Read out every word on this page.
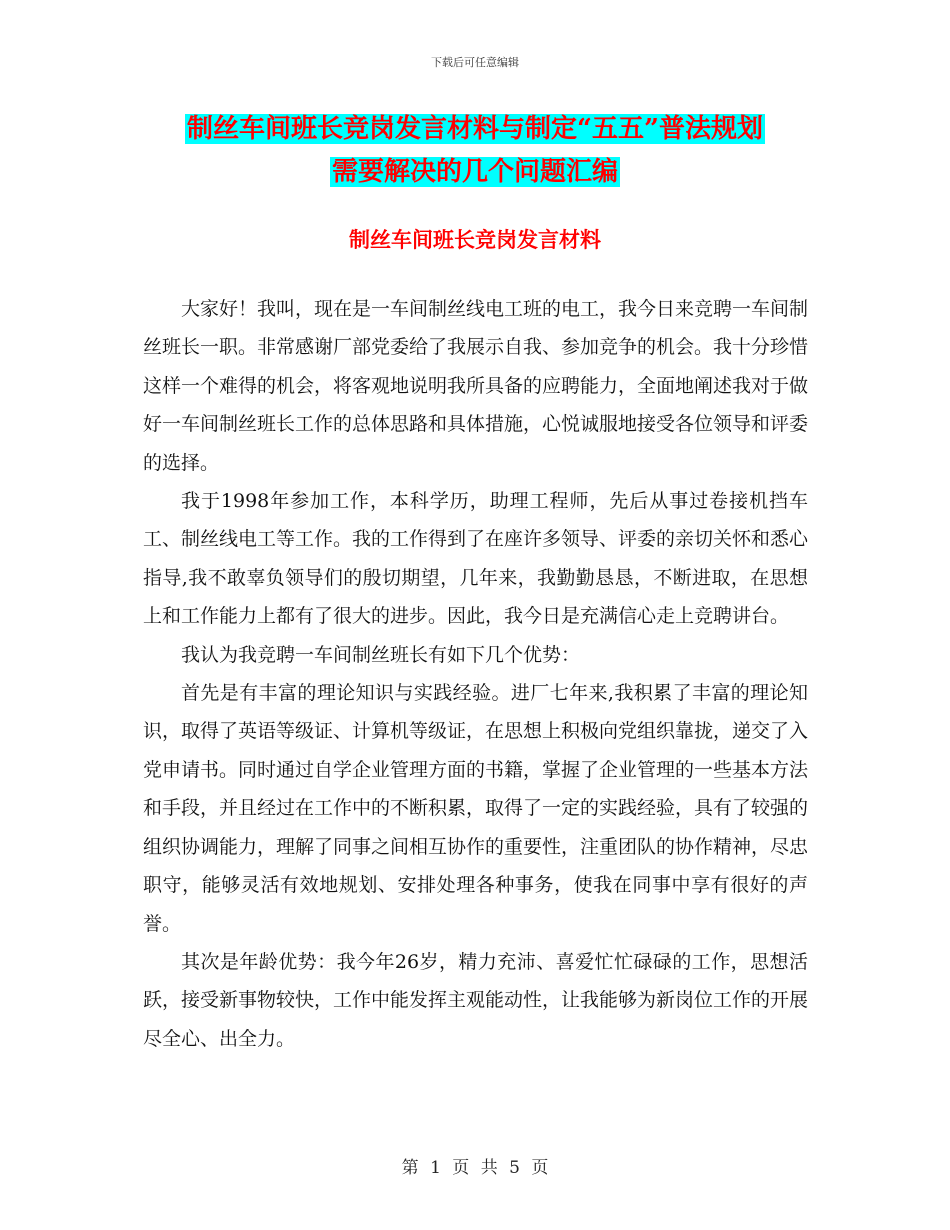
下载后可任意编辑
制丝车间班长竞岗发言材料与制定“五五”普法规划
需要解决的几个问题汇编
制丝车间班长竞岗发言材料

大家好！我叫，现在是一车间制丝线电工班的电工，我今日来竞聘一车间制丝班长一职。非常感谢厂部党委给了我展示自我、参加竞争的机会。我十分珍惜这样一个难得的机会，将客观地说明我所具备的应聘能力，全面地阐述我对于做好一车间制丝班长工作的总体思路和具体措施，心悦诚服地接受各位领导和评委的选择。

我于1998年参加工作，本科学历，助理工程师，先后从事过卷接机挡车工、制丝线电工等工作。我的工作得到了在座许多领导、评委的亲切关怀和悉心指导,我不敢辜负领导们的殷切期望，几年来，我勤勤恳恳，不断进取，在思想上和工作能力上都有了很大的进步。因此，我今日是充满信心走上竞聘讲台。

我认为我竞聘一车间制丝班长有如下几个优势：

首先是有丰富的理论知识与实践经验。进厂七年来,我积累了丰富的理论知识，取得了英语等级证、计算机等级证，在思想上积极向党组织靠拢，递交了入党申请书。同时通过自学企业管理方面的书籍，掌握了企业管理的一些基本方法和手段，并且经过在工作中的不断积累，取得了一定的实践经验，具有了较强的组织协调能力，理解了同事之间相互协作的重要性，注重团队的协作精神，尽忠职守，能够灵活有效地规划、安排处理各种事务，使我在同事中享有很好的声誉。

其次是年龄优势：我今年26岁，精力充沛、喜爱忙忙碌碌的工作，思想活跃，接受新事物较快，工作中能发挥主观能动性，让我能够为新岗位工作的开展尽全心、出全力。

第 1 页 共 5 页
